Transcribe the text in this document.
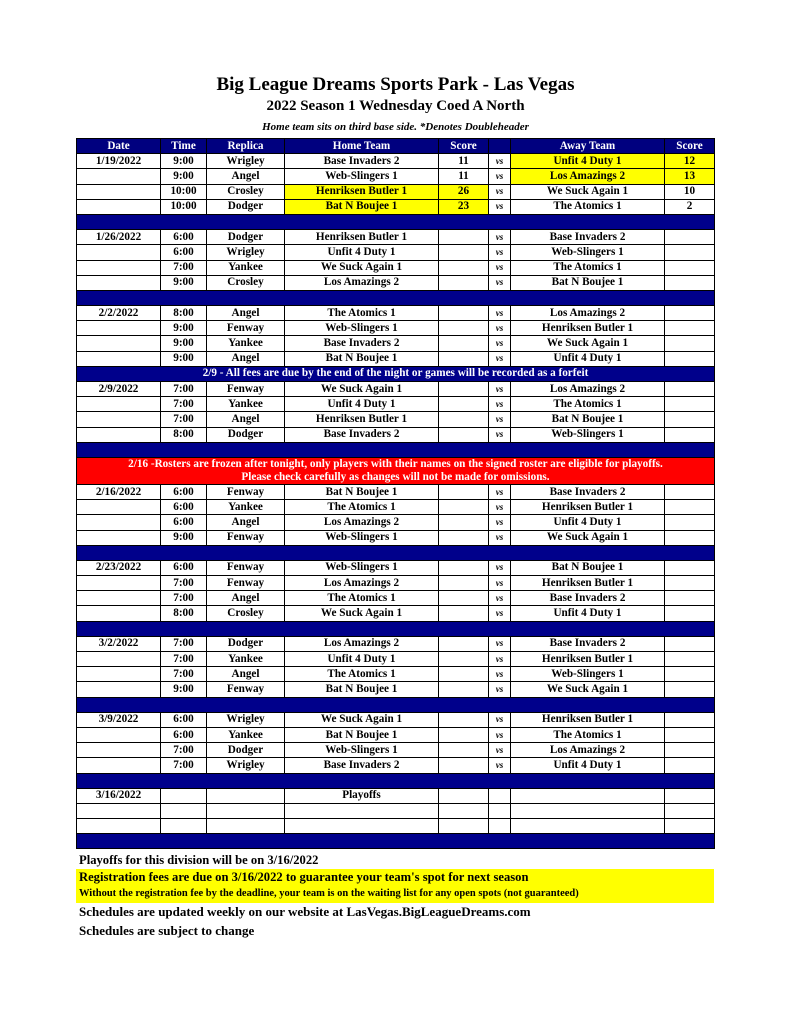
Big League Dreams Sports Park - Las Vegas
2022 Season 1 Wednesday Coed A North
Home team sits on third base side. *Denotes Doubleheader
Date	Time	Replica	Home Team	Score		Away Team	Score
1/19/2022	9:00	Wrigley	Base Invaders 2	11	vs	Unfit 4 Duty 1	12
	9:00	Angel	Web-Slingers 1	11	vs	Los Amazings 2	13
	10:00	Crosley	Henriksen Butler 1	26	vs	We Suck Again 1	10
	10:00	Dodger	Bat N Boujee 1	23	vs	The Atomics 1	2

1/26/2022	6:00	Dodger	Henriksen Butler 1		vs	Base Invaders 2	
	6:00	Wrigley	Unfit 4 Duty 1		vs	Web-Slingers 1	
	7:00	Yankee	We Suck Again 1		vs	The Atomics 1	
	9:00	Crosley	Los Amazings 2		vs	Bat N Boujee 1	

2/2/2022	8:00	Angel	The Atomics 1		vs	Los Amazings 2	
	9:00	Fenway	Web-Slingers 1		vs	Henriksen Butler 1	
	9:00	Yankee	Base Invaders 2		vs	We Suck Again 1	
	9:00	Angel	Bat N Boujee 1		vs	Unfit 4 Duty 1	
2/9 - All fees are due by the end of the night or games will be recorded as a forfeit							
2/9/2022	7:00	Fenway	We Suck Again 1		vs	Los Amazings 2	
	7:00	Yankee	Unfit 4 Duty 1		vs	The Atomics 1	
	7:00	Angel	Henriksen Butler 1		vs	Bat N Boujee 1	
	8:00	Dodger	Base Invaders 2		vs	Web-Slingers 1	

2/16 -Rosters are frozen after tonight, only players with their names on the signed roster are eligible for playoffs.
Please check carefully as changes will not be made for omissions.							

2/16/2022	6:00	Fenway	Bat N Boujee 1		vs	Base Invaders 2	
	6:00	Yankee	The Atomics 1		vs	Henriksen Butler 1	
	6:00	Angel	Los Amazings 2		vs	Unfit 4 Duty 1	
	9:00	Fenway	Web-Slingers 1		vs	We Suck Again 1	

2/23/2022	6:00	Fenway	Web-Slingers 1		vs	Bat N Boujee 1	
	7:00	Fenway	Los Amazings 2		vs	Henriksen Butler 1	
	7:00	Angel	The Atomics 1		vs	Base Invaders 2	
	8:00	Crosley	We Suck Again 1		vs	Unfit 4 Duty 1	

3/2/2022	7:00	Dodger	Los Amazings 2		vs	Base Invaders 2	
	7:00	Yankee	Unfit 4 Duty 1		vs	Henriksen Butler 1	
	7:00	Angel	The Atomics 1		vs	Web-Slingers 1	
	9:00	Fenway	Bat N Boujee 1		vs	We Suck Again 1	

3/9/2022	6:00	Wrigley	We Suck Again 1		vs	Henriksen Butler 1	
	6:00	Yankee	Bat N Boujee 1		vs	The Atomics 1	
	7:00	Dodger	Web-Slingers 1		vs	Los Amazings 2	
	7:00	Wrigley	Base Invaders 2		vs	Unfit 4 Duty 1	

3/16/2022			Playoffs				

Playoffs for this division will be on 3/16/2022
Registration fees are due on 3/16/2022 to guarantee your team's spot for next season
Without the registration fee by the deadline, your team is on the waiting list for any open spots (not guaranteed)
Schedules are updated weekly on our website at LasVegas.BigLeagueDreams.com
Schedules are subject to change
